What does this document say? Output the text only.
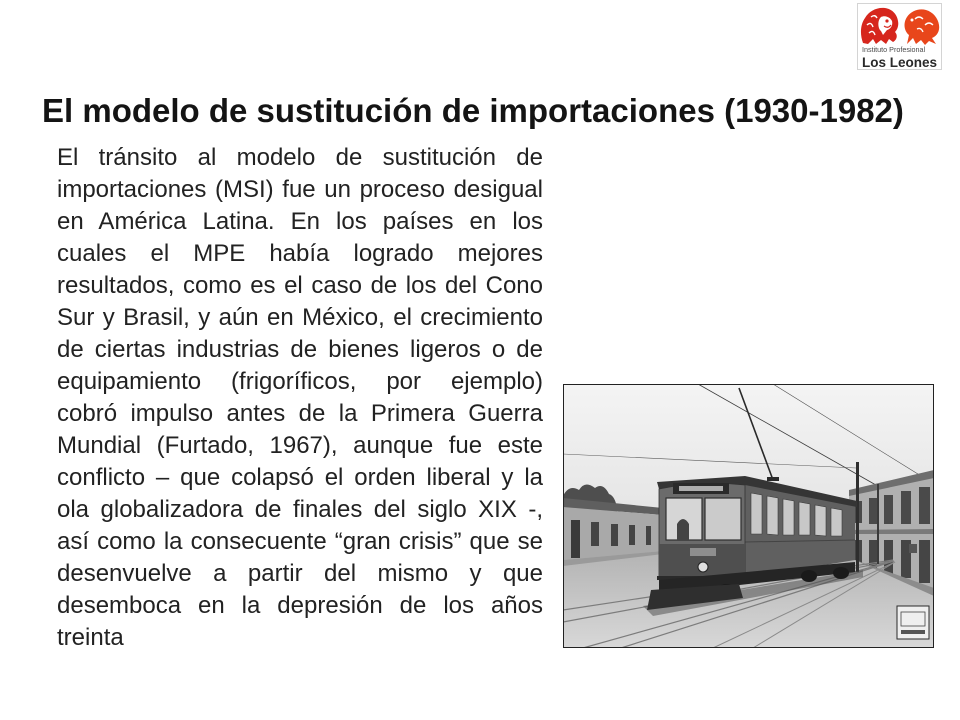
Instituto Profesional
Los Leones
El modelo de sustitución de importaciones (1930-1982)
El tránsito al modelo de sustitución de
importaciones (MSI) fue un proceso desigual
en América Latina. En los países en los
cuales el MPE había logrado mejores
resultados, como es el caso de los del Cono
Sur y Brasil, y aún en México, el crecimiento
de ciertas industrias de bienes ligeros o de
equipamiento (frigoríficos, por ejemplo)
cobró impulso antes de la Primera Guerra
Mundial (Furtado, 1967), aunque fue este
conflicto – que colapsó el orden liberal y la
ola globalizadora de finales del siglo XIX -,
así como la consecuente “gran crisis” que se
desenvuelve a partir del mismo y que
desemboca en la depresión de los años
treinta
